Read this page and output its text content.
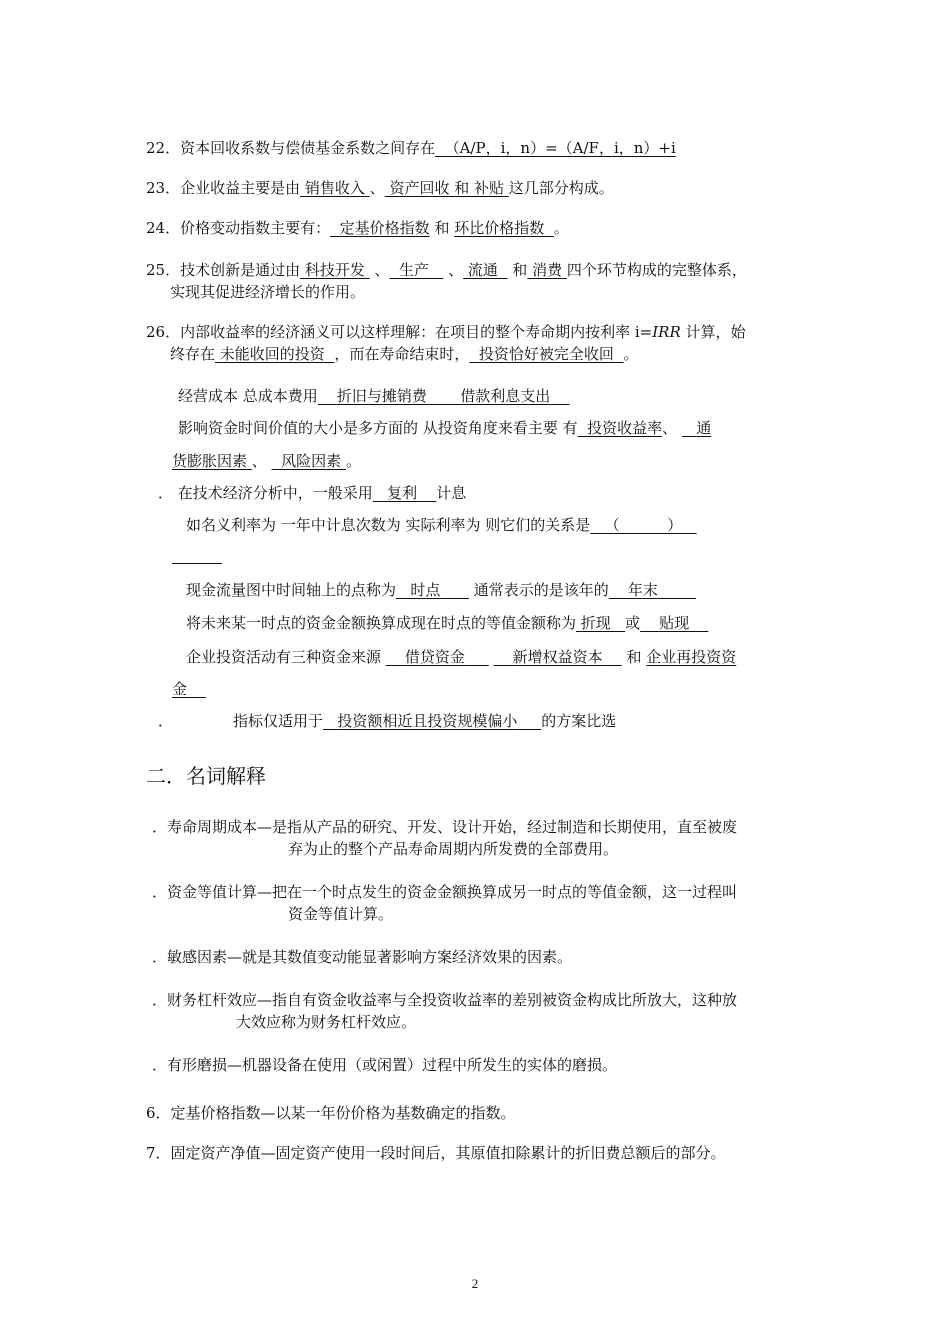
22．资本回收系数与偿债基金系数之间存在 （A/P，i，n）=（A/F，i，n）+i
23．企业收益主要是由 销售收入 、 资产回收 和 补贴 这几部分构成。
24．价格变动指数主要有： 定基价格指数 和 环比价格指数 。
25．技术创新是通过由 科技开发 、 生产 、 流通 和 消费 四个环节构成的完整体系，
实现其促进经济增长的作用。
26．内部收益率的经济涵义可以这样理解：在项目的整个寿命期内按利率 i=IRR 计算，始
终存在 未能收回的投资 ，而在寿命结束时， 投资恰好被完全收回 。
经营成本 总成本费用 折旧与摊销费 借款利息支出
影响资金时间价值的大小是多方面的 从投资角度来看主要 有 投资收益率、 通
货膨胀因素 、 风险因素 。
． 在技术经济分析中，一般采用 复利 计息
如名义利率为 一年中计息次数为 实际利率为 则它们的关系是 （          ）
现金流量图中时间轴上的点称为 时点 通常表示的是该年的 年末
将未来某一时点的资金金额换算成现在时点的等值金额称为 折现 或 贴现
企业投资活动有三种资金来源 借贷资金	新增权益资本 和 企业再投资资
金
．	指标仅适用于 投资额相近且投资规模偏小 的方案比选
二．名词解释
．寿命周期成本—是指从产品的研究、开发、设计开始，经过制造和长期使用，直至被废
弃为止的整个产品寿命周期内所发费的全部费用。
．资金等值计算—把在一个时点发生的资金金额换算成另一时点的等值金额，这一过程叫
资金等值计算。
．敏感因素—就是其数值变动能显著影响方案经济效果的因素。
．财务杠杆效应—指自有资金收益率与全投资收益率的差别被资金构成比所放大，这种放
大效应称为财务杠杆效应。
．有形磨损—机器设备在使用（或闲置）过程中所发生的实体的磨损。
6．定基价格指数—以某一年份价格为基数确定的指数。
7．固定资产净值—固定资产使用一段时间后，其原值扣除累计的折旧费总额后的部分。
2
